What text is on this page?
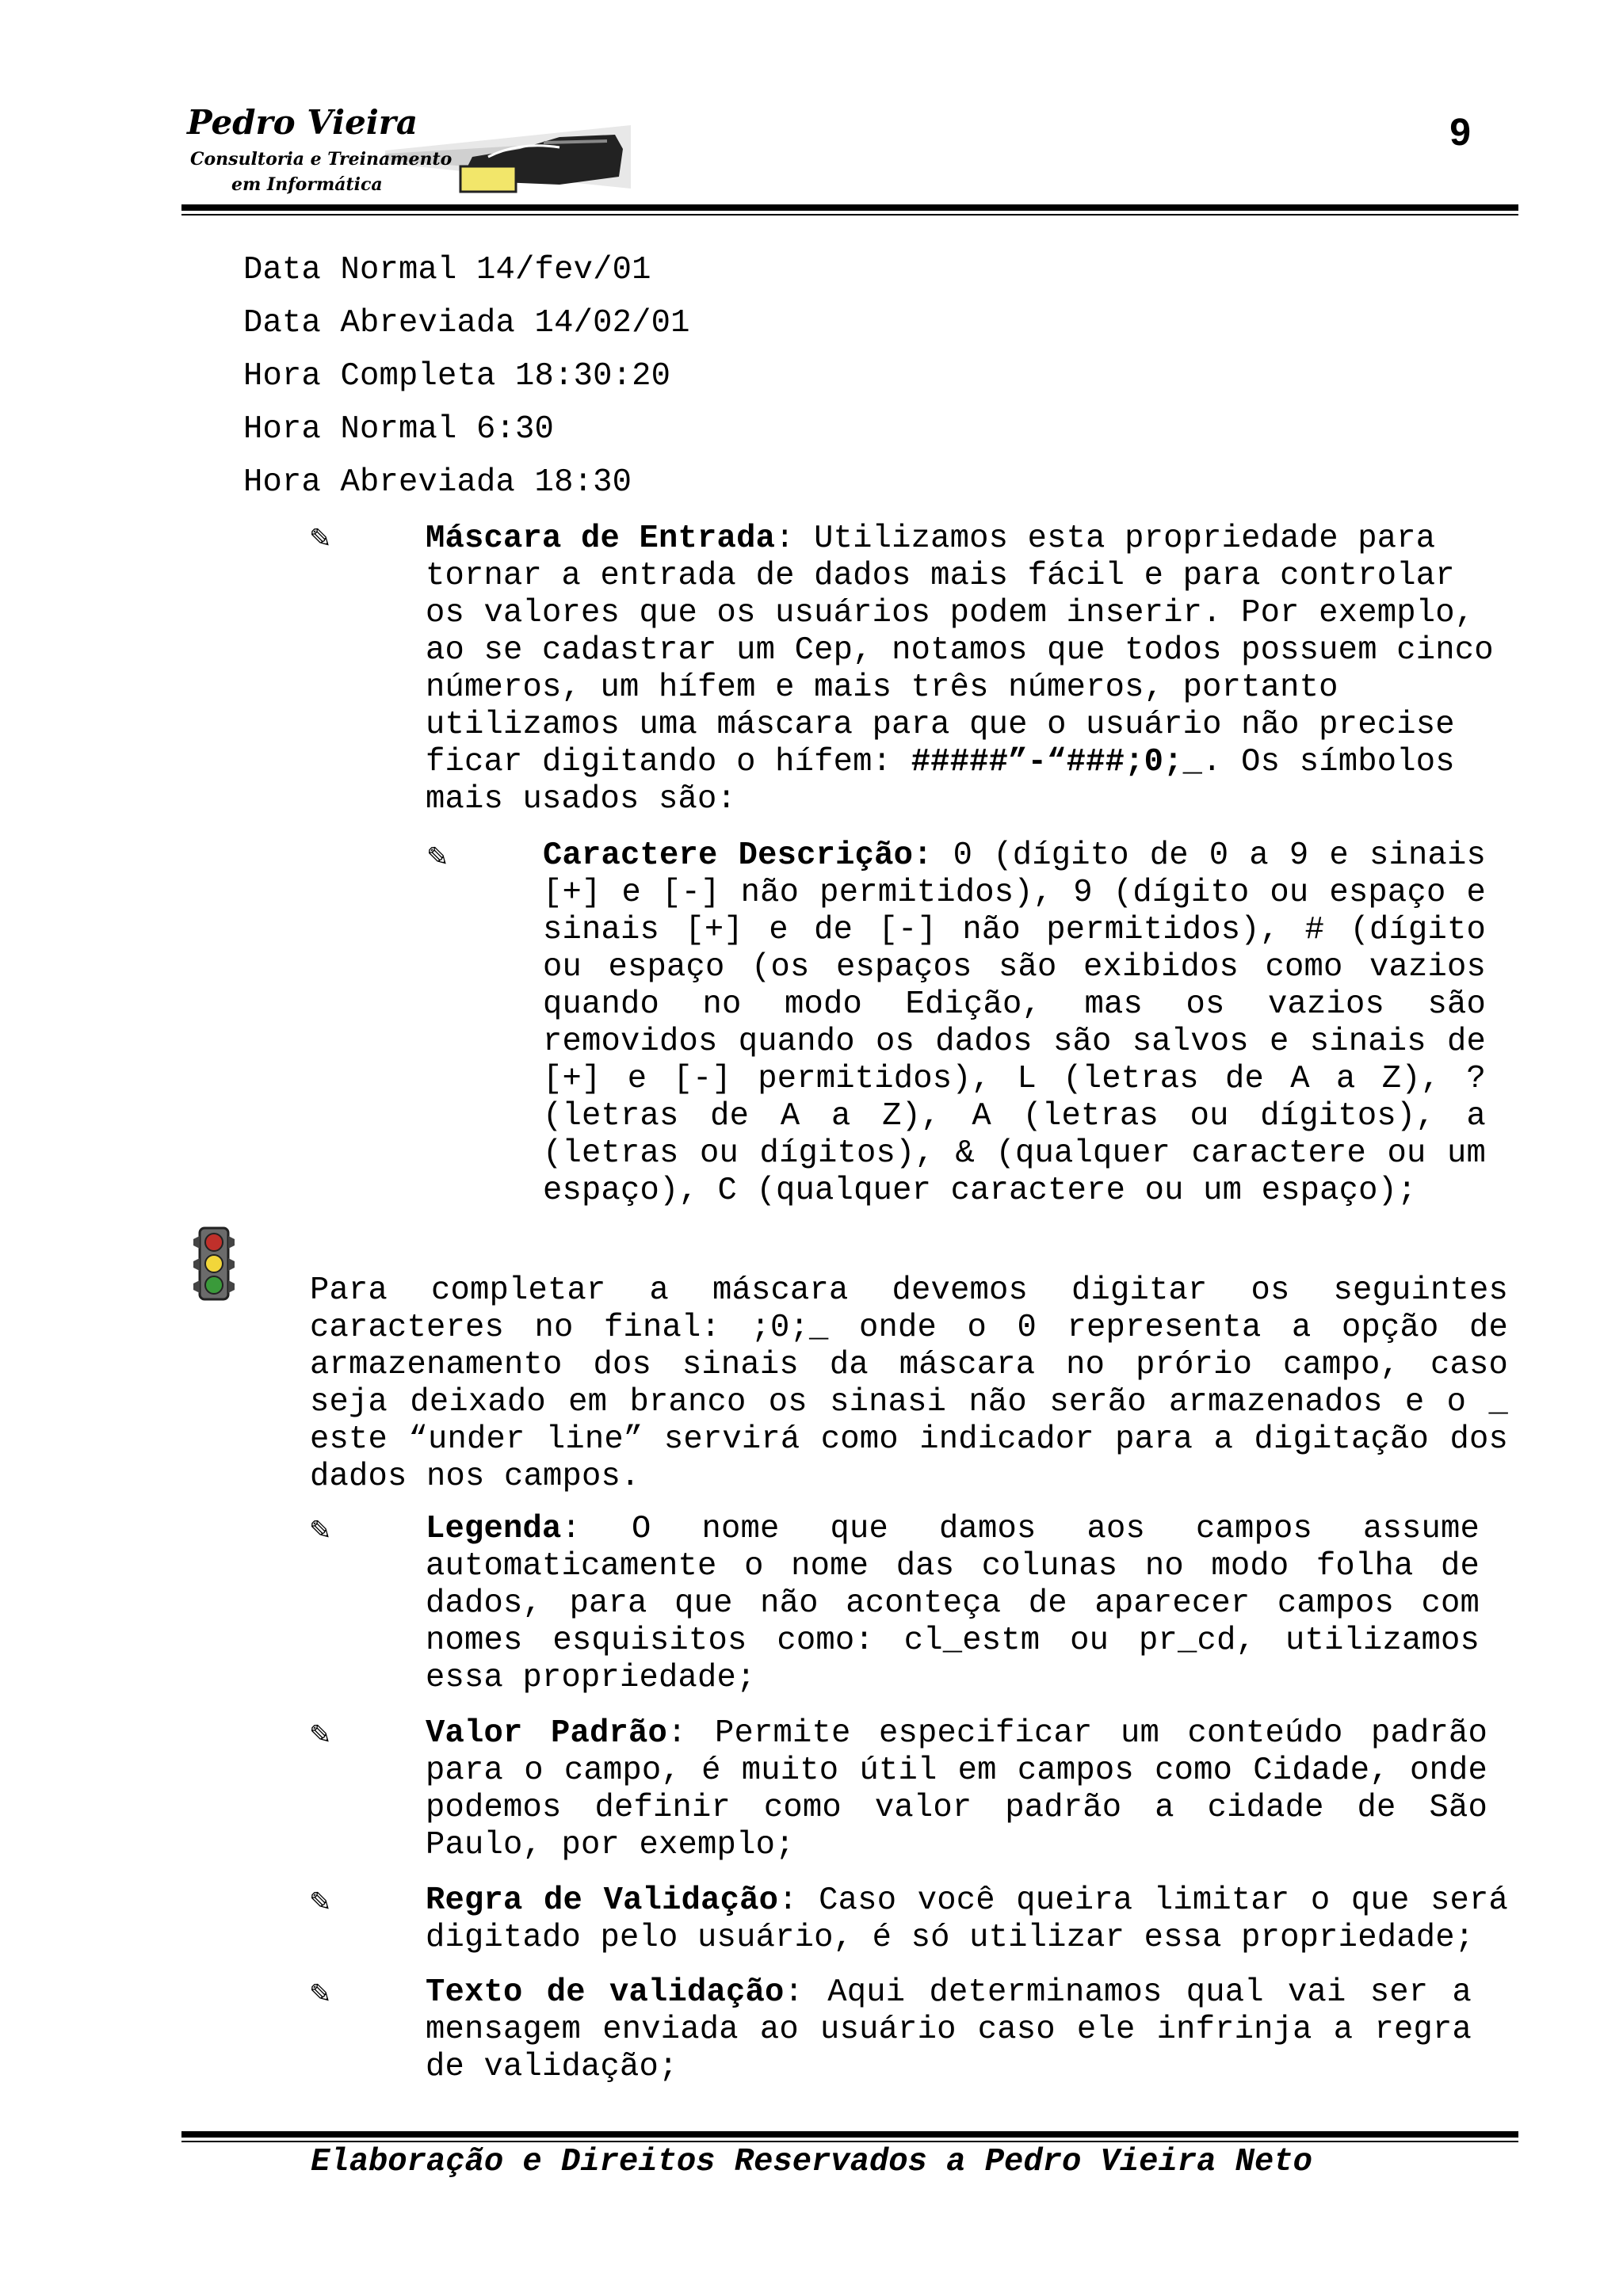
Pedro Vieira
Consultoria e Treinamento
em Informática
9
Data Normal 14/fev/01
Data Abreviada 14/02/01
Hora Completa 18:30:20
Hora Normal 6:30
Hora Abreviada 18:30
✎	Máscara de Entrada: Utilizamos esta propriedade para
tornar a entrada de dados mais fácil e para controlar
os valores que os usuários podem inserir. Por exemplo,
ao se cadastrar um Cep, notamos que todos possuem cinco
números, um hífem e mais três números, portanto
utilizamos uma máscara para que o usuário não precise
ficar digitando o hífem: #####”-“###;0;_. Os símbolos
mais usados são:
✎	Caractere Descrição: 0 (dígito de 0 a 9 e sinais [+] e [-] não permitidos), 9 (dígito ou espaço e sinais [+] e de [-] não permitidos), # (dígito ou espaço (os espaços são exibidos como vazios quando no modo Edição, mas os vazios são removidos quando os dados são salvos e sinais de [+] e [-] permitidos), L (letras de A a Z), ? (letras de A a Z), A (letras ou dígitos), a (letras ou dígitos), & (qualquer caractere ou um espaço), C (qualquer caractere ou um espaço);
Para completar a máscara devemos digitar os seguintes caracteres no final: ;0;_ onde o 0 representa a opção de armazenamento dos sinais da máscara no prório campo, caso seja deixado em branco os sinasi não serão armazenados e o _ este “under line” servirá como indicador para a digitação dos dados nos campos.
✎	Legenda: O nome que damos aos campos assume automaticamente o nome das colunas no modo folha de dados, para que não aconteça de aparecer campos com nomes esquisitos como: cl_estm ou pr_cd, utilizamos essa propriedade;
✎	Valor Padrão: Permite especificar um conteúdo padrão para o campo, é muito útil em campos como Cidade, onde podemos definir como valor padrão a cidade de São Paulo, por exemplo;
✎	Regra de Validação: Caso você queira limitar o que será digitado pelo usuário, é só utilizar essa propriedade;
✎	Texto de validação: Aqui determinamos qual vai ser a mensagem enviada ao usuário caso ele infrinja a regra de validação;
Elaboração e Direitos Reservados a Pedro Vieira Neto
